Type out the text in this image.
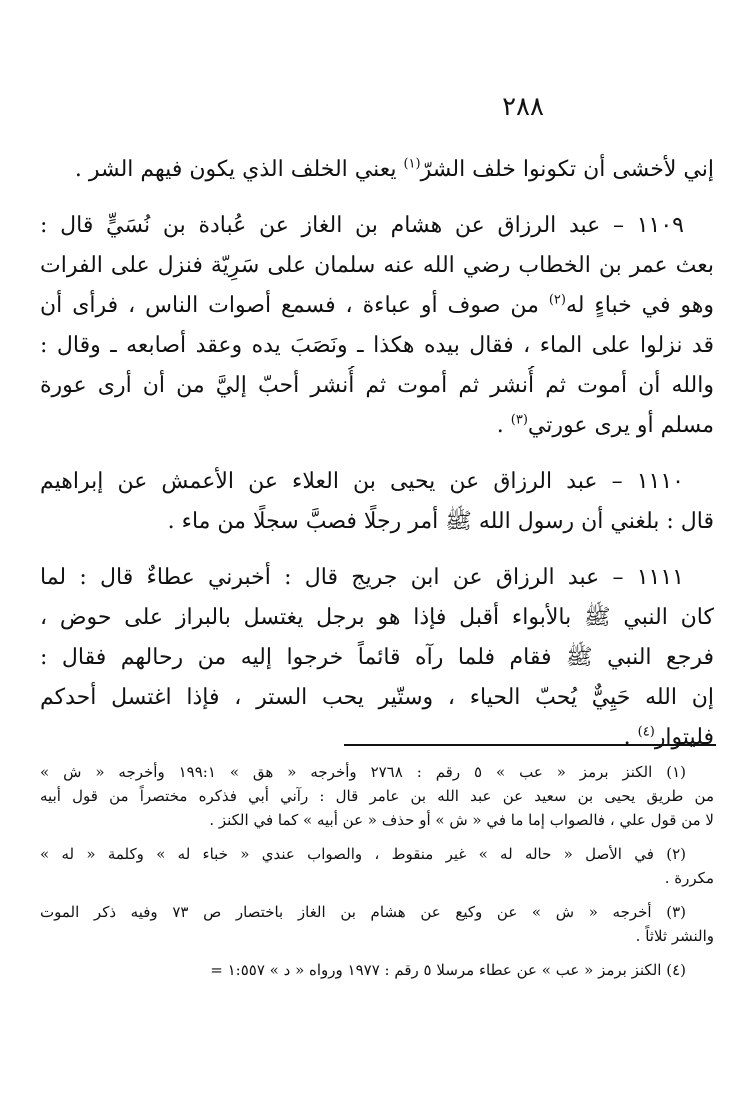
٢٨٨
إني لأخشى أن تكونوا خلف الشرّ$^{(١)}$ يعني الخلف الذي يكون فيهم الشر .
١١٠٩ – عبد الرزاق عن هشام بن الغاز عن عُبادة بن نُسَيٍّ قال :
بعث عمر بن الخطاب رضي الله عنه سلمان على سَرِيّة فنزل على الفرات
وهو في خباءٍ له$^{(٢)}$ من صوف أو عباءة ، فسمع أصوات الناس ، فرأى أن
قد نزلوا على الماء ، فقال بيده هكذا ـ ونَصَبَ يده وعقد أصابعه ـ وقال :
والله أن أموت ثم أُنشر ثم أموت ثم أُنشر أحبّ إليَّ من أن أرى عورة
مسلم أو يرى عورتي$^{(٣)}$ .
١١١٠ – عبد الرزاق عن يحيى بن العلاء عن الأعمش عن إبراهيم
قال : بلغني أن رسول الله ﷺ أمر رجلًا فصبَّ سجلًا من ماء .
١١١١ – عبد الرزاق عن ابن جريج قال : أخبرني عطاءٌ قال : لما
كان النبي ﷺ بالأبواء أقبل فإذا هو برجل يغتسل بالبراز على حوض ،
فرجع النبي ﷺ فقام فلما رآه قائماً خرجوا إليه من رحالهم فقال :
إن الله حَيِيٌّ يُحبّ الحياء ، وستّير يحب الستر ، فإذا اغتسل أحدكم
فليتوار$^{(٤)}$ .
(١) الكنز برمز « عب » ٥ رقم : ٢٧٦٨ وأخرجه « هق » ١٩٩:١ وأخرجه « ش »
من طريق يحيى بن سعيد عن عبد الله بن عامر قال : رآني أبي فذكره مختصراً من قول أبيه
لا من قول علي ، فالصواب إما ما في « ش » أو حذف « عن أبيه » كما في الكنز .
(٢) في الأصل « حاله له » غير منقوط ، والصواب عندي « خباء له » وكلمة « له »
مكررة .
(٣) أخرجه « ش » عن وكيع عن هشام بن الغاز باختصار ص ٧٣ وفيه ذكر الموت
والنشر ثلاثاً .
(٤) الكنز برمز « عب » عن عطاء مرسلا ٥ رقم : ١٩٧٧ ورواه « د » ١:٥٥٧ =
